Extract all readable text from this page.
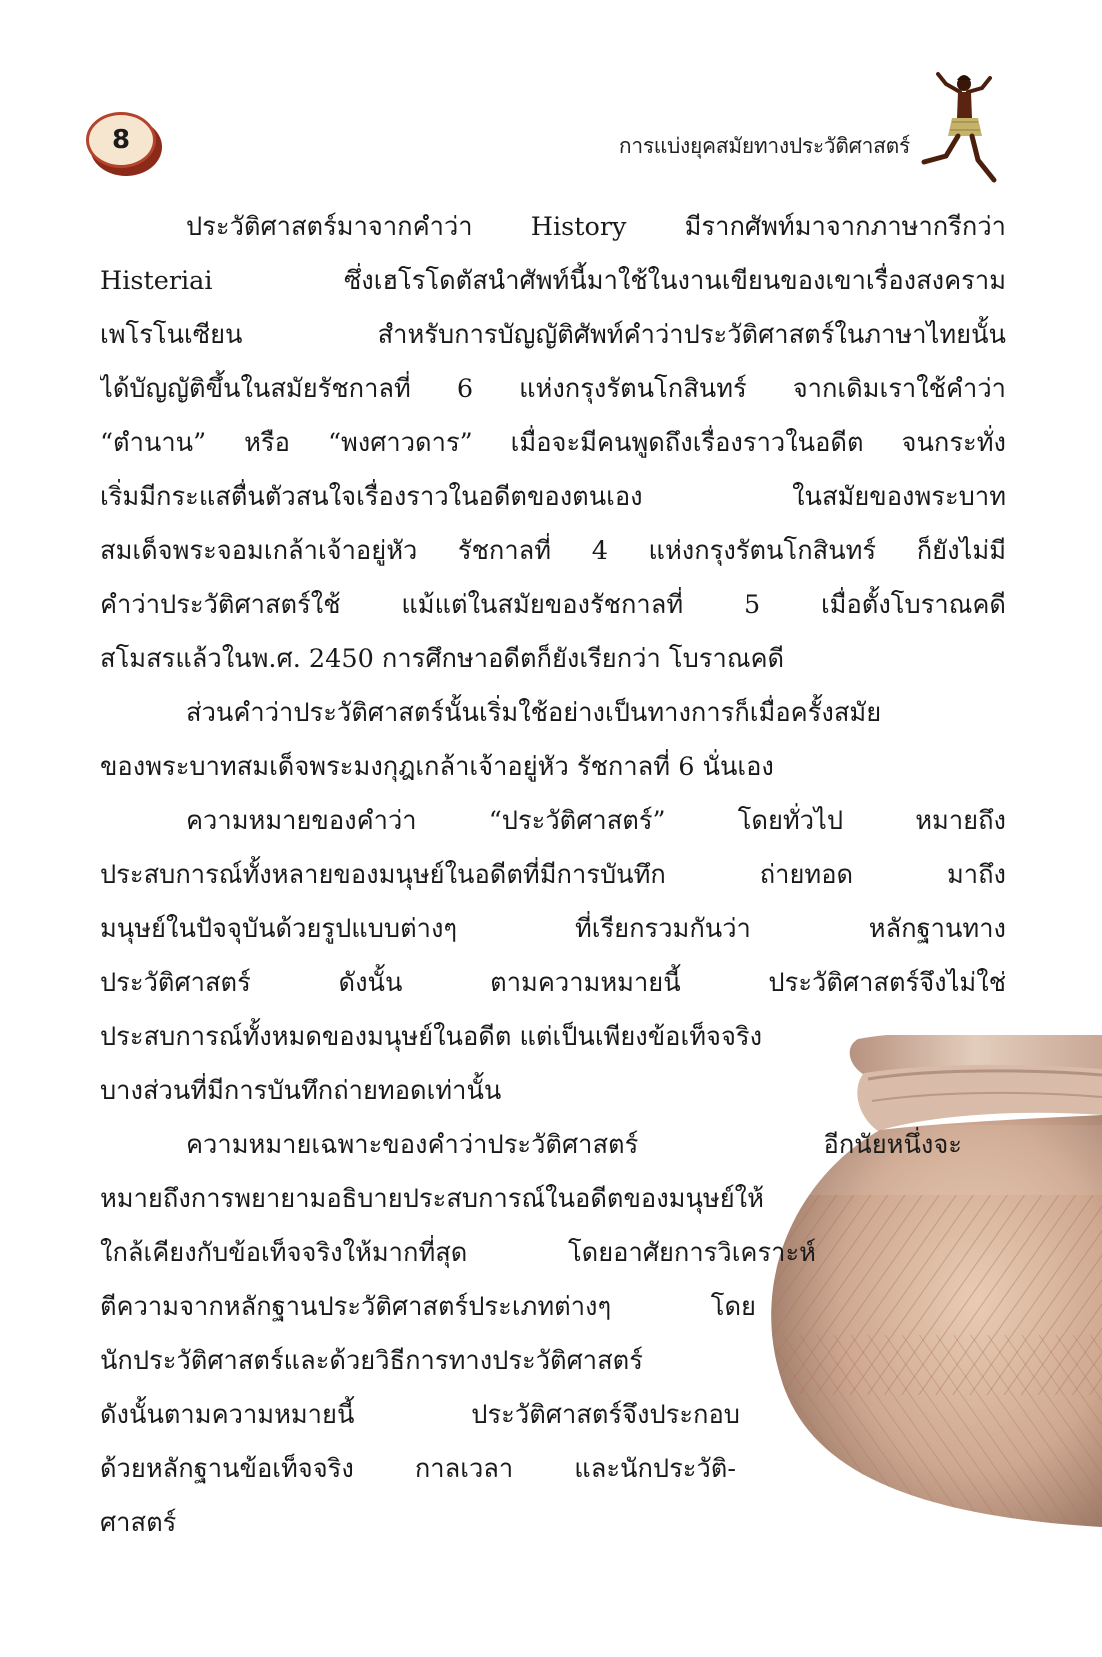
8	การแบ่งยุคสมัยทางประวัติศาสตร์
ประวัติศาสตร์มาจากคำว่า History มีรากศัพท์มาจากภาษากรีกว่า
Histeriai ซึ่งเฮโรโดตัสนำศัพท์นี้มาใช้ในงานเขียนของเขาเรื่องสงคราม
เพโรโนเซียน สำหรับการบัญญัติศัพท์คำว่าประวัติศาสตร์ในภาษาไทยนั้น
ได้บัญญัติขึ้นในสมัยรัชกาลที่ 6 แห่งกรุงรัตนโกสินทร์ จากเดิมเราใช้คำว่า
“ตำนาน” หรือ “พงศาวดาร” เมื่อจะมีคนพูดถึงเรื่องราวในอดีต จนกระทั่ง
เริ่มมีกระแสตื่นตัวสนใจเรื่องราวในอดีตของตนเอง ในสมัยของพระบาท
สมเด็จพระจอมเกล้าเจ้าอยู่หัว รัชกาลที่ 4 แห่งกรุงรัตนโกสินทร์ ก็ยังไม่มี
คำว่าประวัติศาสตร์ใช้ แม้แต่ในสมัยของรัชกาลที่ 5 เมื่อตั้งโบราณคดี
สโมสรแล้วในพ.ศ. 2450 การศึกษาอดีตก็ยังเรียกว่า โบราณคดี
ส่วนคำว่าประวัติศาสตร์นั้นเริ่มใช้อย่างเป็นทางการก็เมื่อครั้งสมัย
ของพระบาทสมเด็จพระมงกุฎเกล้าเจ้าอยู่หัว รัชกาลที่ 6 นั่นเอง
ความหมายของคำว่า “ประวัติศาสตร์” โดยทั่วไป หมายถึง
ประสบการณ์ทั้งหลายของมนุษย์ในอดีตที่มีการบันทึก ถ่ายทอด มาถึง
มนุษย์ในปัจจุบันด้วยรูปแบบต่างๆ ที่เรียกรวมกันว่า หลักฐานทาง
ประวัติศาสตร์ ดังนั้น ตามความหมายนี้ ประวัติศาสตร์จึงไม่ใช่
ประสบการณ์ทั้งหมดของมนุษย์ในอดีต แต่เป็นเพียงข้อเท็จจริง
บางส่วนที่มีการบันทึกถ่ายทอดเท่านั้น
ความหมายเฉพาะของคำว่าประวัติศาสตร์ อีกนัยหนึ่งจะ
หมายถึงการพยายามอธิบายประสบการณ์ในอดีตของมนุษย์ให้
ใกล้เคียงกับข้อเท็จจริงให้มากที่สุด โดยอาศัยการวิเคราะห์
ตีความจากหลักฐานประวัติศาสตร์ประเภทต่างๆ โดย
นักประวัติศาสตร์และด้วยวิธีการทางประวัติศาสตร์
ดังนั้นตามความหมายนี้ ประวัติศาสตร์จึงประกอบ
ด้วยหลักฐานข้อเท็จจริง กาลเวลา และนักประวัติ-
ศาสตร์
